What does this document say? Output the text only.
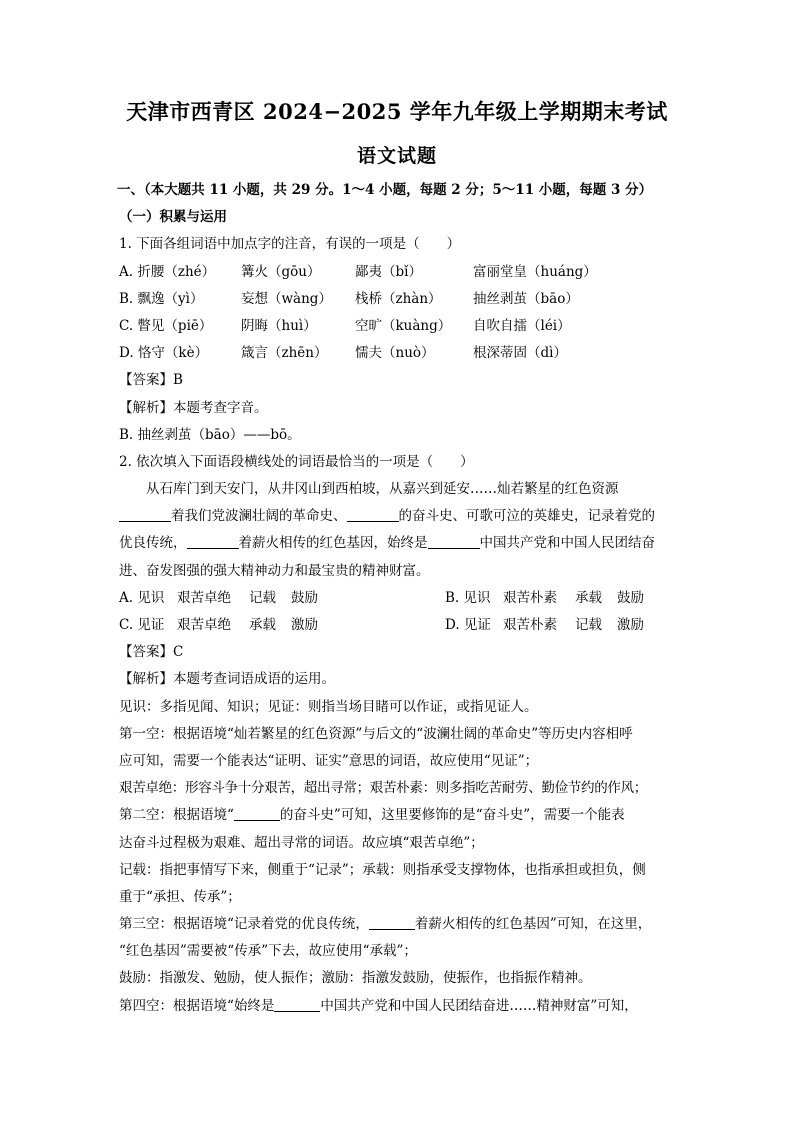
天津市西青区 2024−2025 学年九年级上学期期末考试
语文试题
一、（本大题共 11 小题，共 29 分。1～4 小题，每题 2 分；5～11 小题，每题 3 分）
（一）积累与运用
1. 下面各组词语中加点字的注音，有误的一项是（　　）
A. 折腰（zhé）	篝火（gōu）	鄙夷（bǐ）	富丽堂皇（huáng）
B. 飘逸（yì）	妄想（wàng）	栈桥（zhàn）	抽丝剥茧（bāo）
C. 瞥见（piē）	阴晦（huì）	空旷（kuàng）	自吹自擂（léi）
D. 恪守（kè）	箴言（zhēn）	懦夫（nuò）	根深蒂固（dì）
【答案】B
【解析】本题考查字音。
B. 抽丝剥茧（bāo）——bō。
2. 依次填入下面语段横线处的词语最恰当的一项是（　　）
从石库门到天安门，从井冈山到西柏坡，从嘉兴到延安……灿若繁星的红色资源
着我们党波澜壮阔的革命史、	的奋斗史、可歌可泣的英雄史，记录着党的
优良传统，	着薪火相传的红色基因，始终是	中国共产党和中国人民团结奋
进、奋发图强的强大精神动力和最宝贵的精神财富。
A. 见识 艰苦卓绝 记载 鼓励	B. 见识 艰苦朴素 承载 鼓励
C. 见证 艰苦卓绝 承载 激励	D. 见证 艰苦朴素 记载 激励
【答案】C
【解析】本题考查词语成语的运用。
见识：多指见闻、知识；见证：则指当场目睹可以作证，或指见证人。
第一空：根据语境“灿若繁星的红色资源”与后文的“波澜壮阔的革命史”等历史内容相呼
应可知，需要一个能表达“证明、证实”意思的词语，故应使用“见证”；
艰苦卓绝：形容斗争十分艰苦，超出寻常；艰苦朴素：则多指吃苦耐劳、勤俭节约的作风；
第二空：根据语境“	的奋斗史”可知，这里要修饰的是“奋斗史”，需要一个能表
达奋斗过程极为艰难、超出寻常的词语。故应填“艰苦卓绝”；
记载：指把事情写下来，侧重于“记录”；承载：则指承受支撑物体，也指承担或担负，侧
重于“承担、传承”；
第三空：根据语境“记录着党的优良传统，	着薪火相传的红色基因”可知，在这里，
“红色基因”需要被“传承”下去，故应使用“承载”；
鼓励：指激发、勉励，使人振作；激励：指激发鼓励，使振作，也指振作精神。
第四空：根据语境“始终是	中国共产党和中国人民团结奋进……精神财富”可知，
